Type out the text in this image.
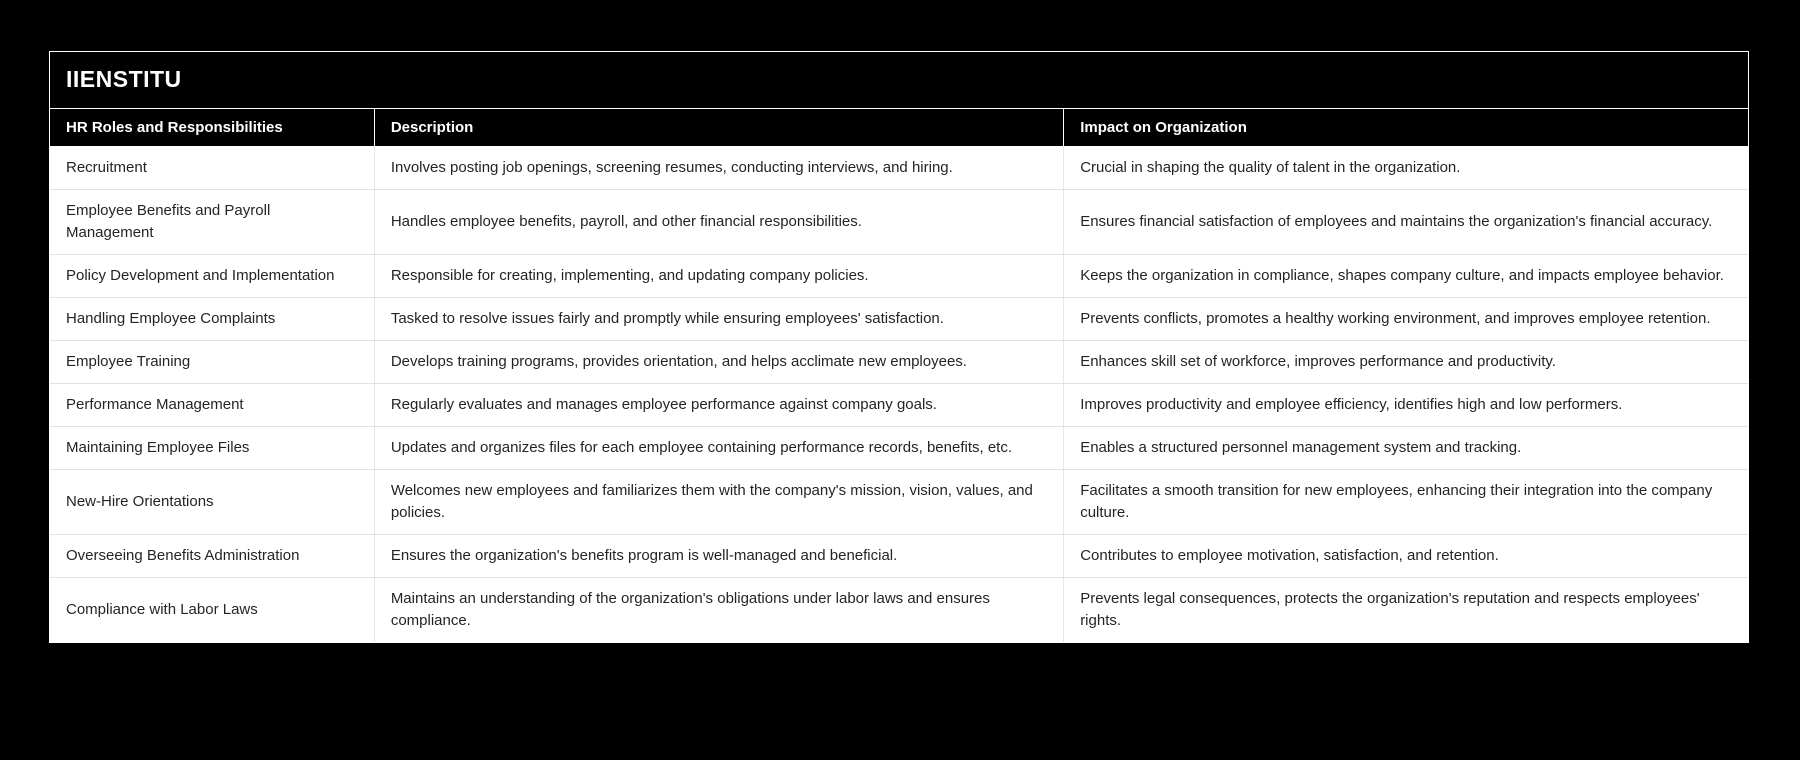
IIENSTITU
HR Roles and Responsibilities	Description	Impact on Organization
Recruitment	Involves posting job openings, screening resumes, conducting interviews, and hiring.	Crucial in shaping the quality of talent in the organization.
Employee Benefits and Payroll Management	Handles employee benefits, payroll, and other financial responsibilities.	Ensures financial satisfaction of employees and maintains the organization's financial accuracy.
Policy Development and Implementation	Responsible for creating, implementing, and updating company policies.	Keeps the organization in compliance, shapes company culture, and impacts employee behavior.
Handling Employee Complaints	Tasked to resolve issues fairly and promptly while ensuring employees' satisfaction.	Prevents conflicts, promotes a healthy working environment, and improves employee retention.
Employee Training	Develops training programs, provides orientation, and helps acclimate new employees.	Enhances skill set of workforce, improves performance and productivity.
Performance Management	Regularly evaluates and manages employee performance against company goals.	Improves productivity and employee efficiency, identifies high and low performers.
Maintaining Employee Files	Updates and organizes files for each employee containing performance records, benefits, etc.	Enables a structured personnel management system and tracking.
New-Hire Orientations	Welcomes new employees and familiarizes them with the company's mission, vision, values, and policies.	Facilitates a smooth transition for new employees, enhancing their integration into the company culture.
Overseeing Benefits Administration	Ensures the organization's benefits program is well-managed and beneficial.	Contributes to employee motivation, satisfaction, and retention.
Compliance with Labor Laws	Maintains an understanding of the organization's obligations under labor laws and ensures compliance.	Prevents legal consequences, protects the organization's reputation and respects employees' rights.
